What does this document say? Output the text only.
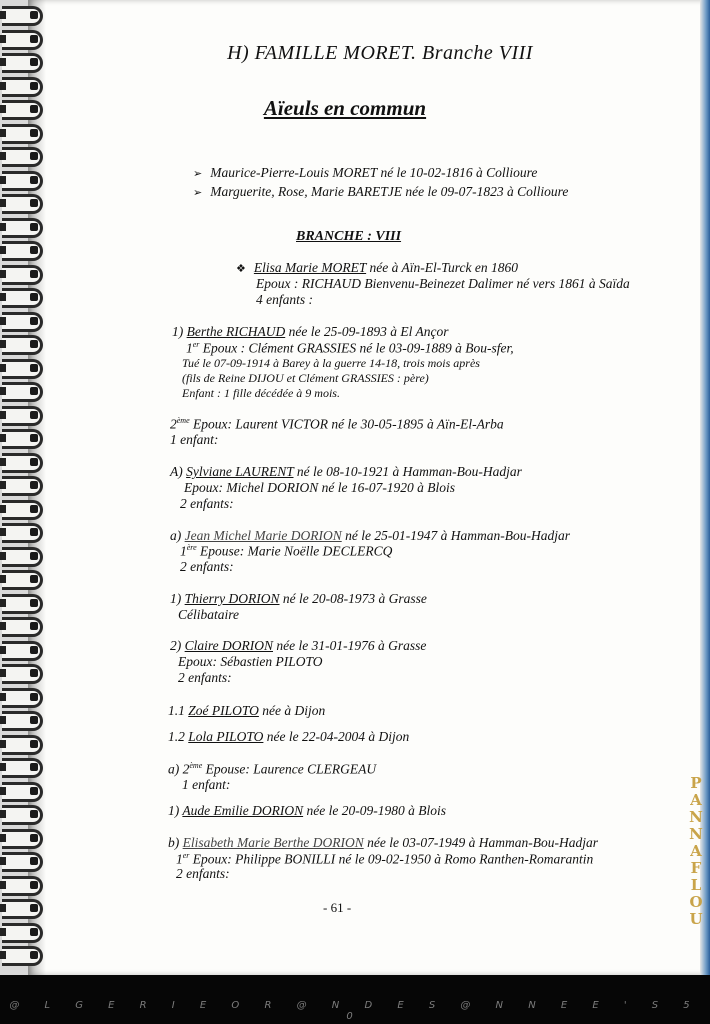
H) FAMILLE MORET. Branche VIII
Aïeuls en commun
➢ Maurice-Pierre-Louis MORET né le 10-02-1816 à Collioure
➢ Marguerite, Rose, Marie BARETJE née le 09-07-1823 à Collioure
BRANCHE : VIII
❖ Elisa Marie MORET née à Aïn-El-Turck en 1860
Epoux : RICHAUD Bienvenu-Beinezet Dalimer né vers 1861 à Saïda
4 enfants :
1) Berthe RICHAUD née le 25-09-1893 à El Ançor
1er Epoux : Clément GRASSIES né le 03-09-1889 à Bou-sfer,
Tué le 07-09-1914 à Barey à la guerre 14-18, trois mois après
(fils de Reine DIJOU et Clément GRASSIES : père)
Enfant : 1 fille décédée à 9 mois.
2ème Epoux: Laurent VICTOR né le 30-05-1895 à Aïn-El-Arba
1 enfant:
A) Sylviane LAURENT né le 08-10-1921 à Hamman-Bou-Hadjar
Epoux: Michel DORION né le 16-07-1920 à Blois
2 enfants:
a) Jean Michel Marie DORION né le 25-01-1947 à Hamman-Bou-Hadjar
1ère Epouse: Marie Noëlle DECLERCQ
2 enfants:
1) Thierry DORION né le 20-08-1973 à Grasse
Célibataire
2) Claire DORION née le 31-01-1976 à Grasse
Epoux: Sébastien PILOTO
2 enfants:
1.1 Zoé PILOTO née à Dijon
1.2 Lola PILOTO née le 22-04-2004 à Dijon
a) 2ème Epouse: Laurence CLERGEAU
1 enfant:
1) Aude Emilie DORION née le 20-09-1980 à Blois
b) Elisabeth Marie Berthe DORION née le 03-07-1949 à Hamman-Bou-Hadjar
1er Epoux: Philippe BONILLI né le 09-02-1950 à Romo Ranthen-Romarantin
2 enfants:
- 61 -
P
A
N
N
A
F
L
O
U
@ L G E R I E O R @ N D E S @ N N E E ' S 5 0
